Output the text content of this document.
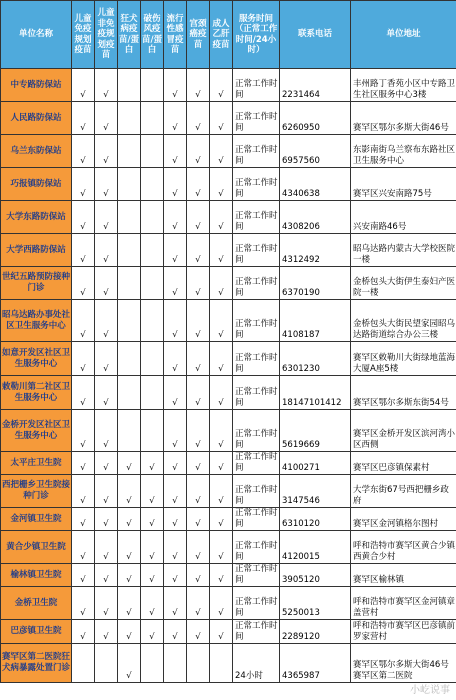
单位名称	儿童免疫规划疫苗	儿童非免疫规划疫苗	狂犬病疫苗/蛋白	破伤风疫苗/蛋白	流行性感冒疫苗	宫颈癌疫苗	成人乙肝疫苗	服务时间（正常工作时间/24小时）	联系电话	单位地址
中专路防保站	√	√			√	√	√	正常工作时间	2231464	丰州路丁香苑小区中专路卫生社区服务中心3楼
人民路防保站	√	√			√	√	√	正常工作时间	6260950	赛罕区鄂尔多斯大街46号
乌兰东防保站	√	√			√	√	√	正常工作时间	6957560	东影南街乌兰察布东路社区卫生服务中心
巧报镇防保站	√	√			√	√	√	正常工作时间	4340638	赛罕区兴安南路75号
大学东路防保站	√	√			√	√	√	正常工作时间	4308206	兴安南路46号
大学西路防保站	√	√			√	√	√	正常工作时间	4312492	昭乌达路内蒙古大学校医院一楼
世纪五路预防接种门诊	√	√			√	√	√	正常工作时间	6370190	金桥包头大街伊生泰妇产医院一楼
昭乌达路办事处社区卫生服务中心	√	√			√	√	√	正常工作时间	4108187	金桥包头大街民望家园昭乌达路街道综合办公三楼
如意开发区社区卫生服务中心	√	√			√	√	√	正常工作时间	6301230	赛罕区敕勒川大街绿地蓝海大厦A座5楼
敕勒川第二社区卫生服务中心	√	√			√	√	√	正常工作时间	18147101412	赛罕区鄂尔多斯东街54号
金桥开发区社区卫生服务中心	√	√			√	√	√	正常工作时间	5619669	赛罕区金桥开发区滨河湾小区西侧
太平庄卫生院	√	√	√	√	√	√	√	正常工作时间	4100271	赛罕区巴彦镇保素村
西把栅乡卫生院接种门诊	√	√	√	√	√	√	√	正常工作时间	3147546	大学东街67号西把栅乡政府
金河镇卫生院	√	√	√	√	√	√	√	正常工作时间	6310120	赛罕区金河镇格尔图村
黄合少镇卫生院	√	√	√	√	√	√	√	正常工作时间	4120015	呼和浩特市赛罕区黄合少镇西黄合少村
榆林镇卫生院	√	√	√	√	√	√	√	正常工作时间	3905120	赛罕区榆林镇
金桥卫生院	√	√	√	√	√	√	√	正常工作时间	5250013	呼和浩特市赛罕区金河镇章盖营村
巴彦镇卫生院	√	√	√	√	√	√	√	正常工作时间	2289120	呼和浩特市赛罕区巴彦镇前罗家营村
赛罕区第二医院狂犬病暴露处置门诊			√					24小时	4365987	赛罕区鄂尔多斯大街46号赛罕区第二医院
小屹说事
